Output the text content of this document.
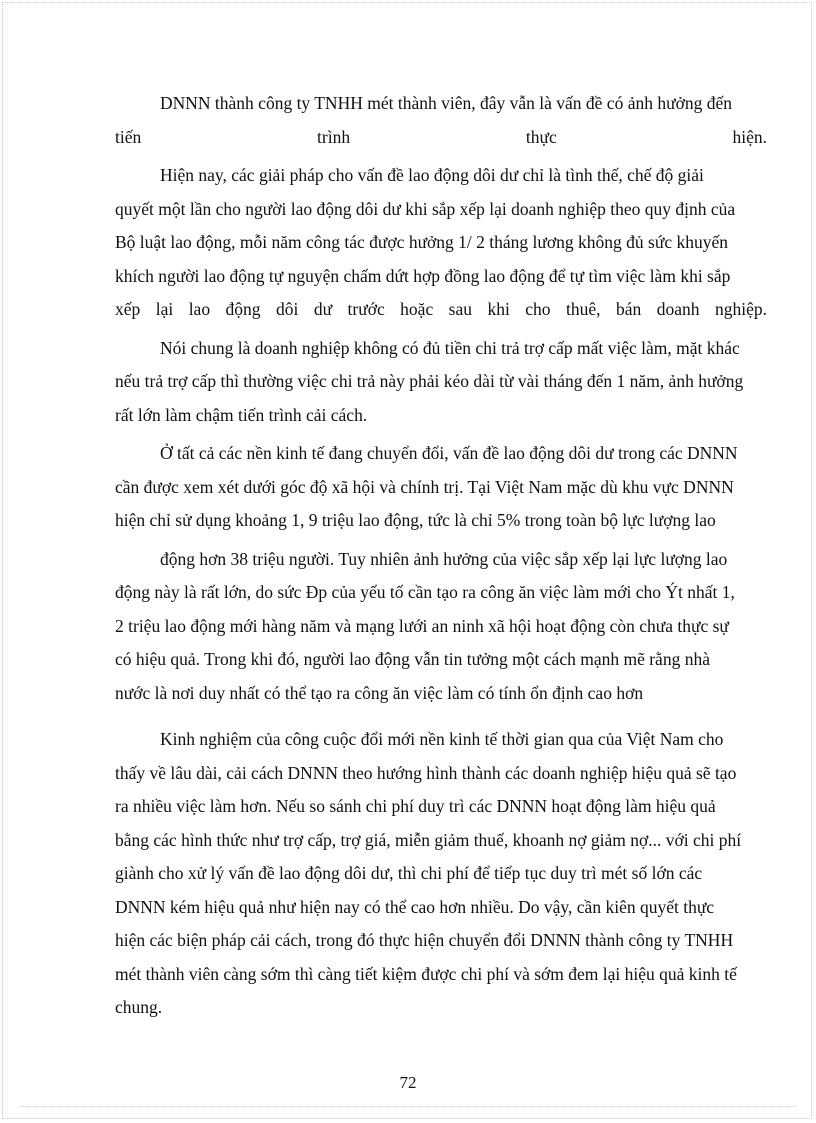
DNNN thành công ty TNHH mét thành viên, đây vẫn là vấn đề có ảnh hưởng đến
tiến	trình	thực	hiện.
Hiện nay, các giải pháp cho vấn đề lao động dôi dư chỉ là tình thế, chế độ giải
quyết một lần cho người lao động dôi dư khi sắp xếp lại doanh nghiệp theo quy định của
Bộ luật lao động, mỗi năm công tác được hưởng 1/ 2 tháng lương không đủ sức khuyến
khích người lao động tự nguyện chấm dứt hợp đồng lao động để tự tìm việc làm khi sắp
xếp lại lao động dôi dư trước hoặc sau khi cho thuê, bán doanh nghiệp.
Nói chung là doanh nghiệp không có đủ tiền chi trả trợ cấp mất việc làm, mặt khác
nếu trả trợ cấp thì thường việc chi trả này phải kéo dài từ vài tháng đến 1 năm, ảnh hưởng
rất lớn làm chậm tiến trình cải cách.
Ở tất cả các nền kinh tế đang chuyển đổi, vấn đề lao động dôi dư trong các DNNN
cần được xem xét dưới góc độ xã hội và chính trị. Tại Việt Nam mặc dù khu vực DNNN
hiện chỉ sử dụng khoảng 1, 9 triệu lao động, tức là chỉ 5% trong toàn bộ lực lượng lao
động hơn 38 triệu người. Tuy nhiên ảnh hưởng của việc sắp xếp lại lực lượng lao
động này là rất lớn, do sức Ðp của yếu tố cần tạo ra công ăn việc làm mới cho Ýt nhất 1,
2 triệu lao động mới hàng năm và mạng lưới an ninh xã hội hoạt động còn chưa thực sự
có hiệu quả. Trong khi đó, người lao động vẫn tin tưởng một cách mạnh mẽ rằng nhà
nước là nơi duy nhất có thể tạo ra công ăn việc làm có tính ổn định cao hơn
Kinh nghiệm của công cuộc đổi mới nền kinh tế thời gian qua của Việt Nam cho
thấy về lâu dài, cải cách DNNN theo hướng hình thành các doanh nghiệp hiệu quả sẽ tạo
ra nhiều việc làm hơn. Nếu so sánh chi phí duy trì các DNNN hoạt động làm hiệu quả
bằng các hình thức như trợ cấp, trợ giá, miễn giảm thuế, khoanh nợ giảm nợ... với chi phí
giành cho xử lý vấn đề lao động dôi dư, thì chi phí để tiếp tục duy trì mét số lớn các
DNNN kém hiệu quả như hiện nay có thể cao hơn nhiều. Do vậy, cần kiên quyết thực
hiện các biện pháp cải cách, trong đó thực hiện chuyển đổi DNNN thành công ty TNHH
mét thành viên càng sớm thì càng tiết kiệm được chi phí và sớm đem lại hiệu quả kinh tế
chung.
72
